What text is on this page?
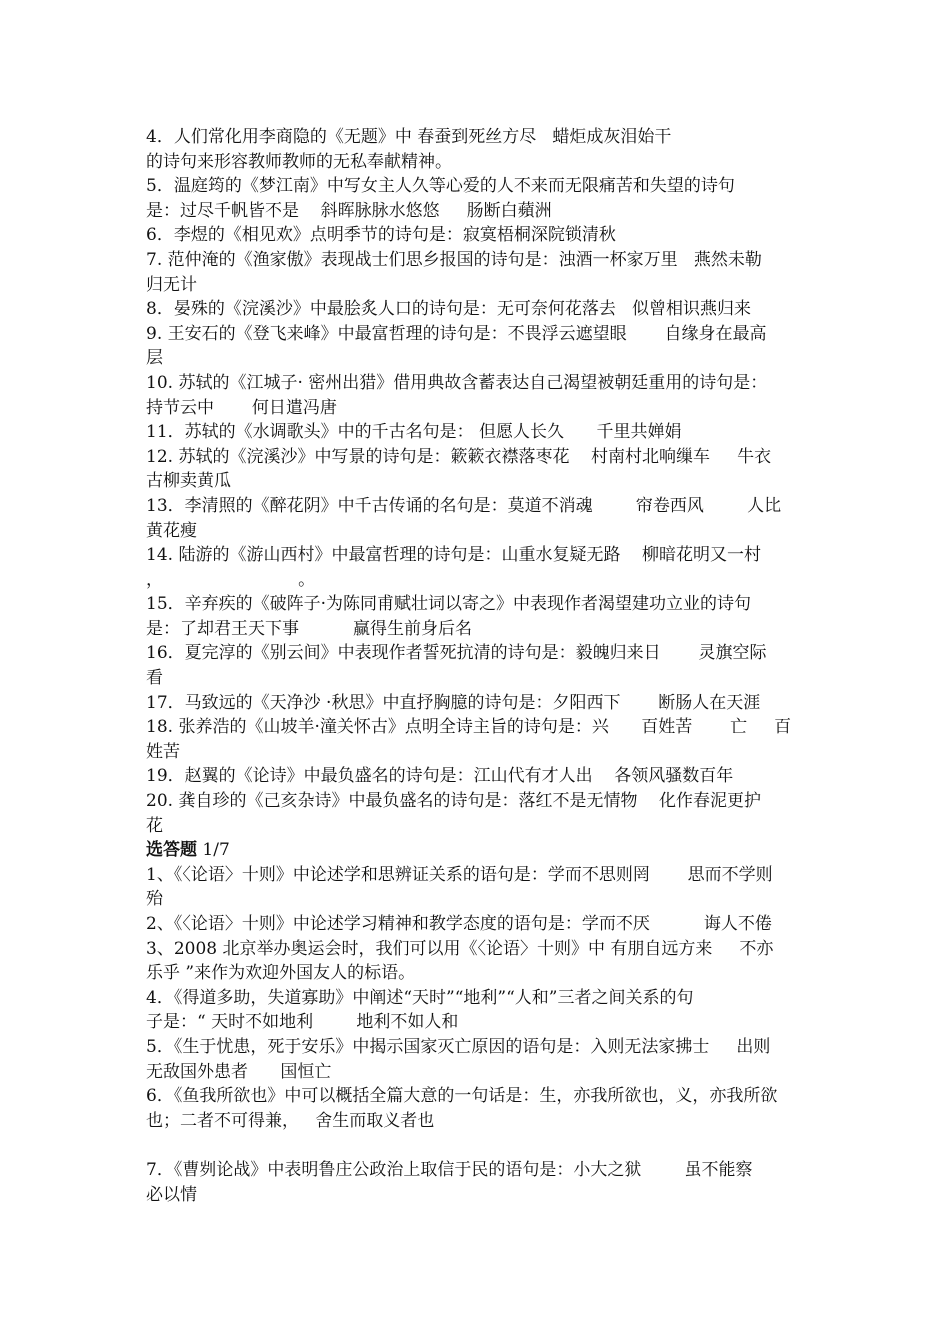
4．人们常化用李商隐的《无题》中 春蚕到死丝方尽   蜡炬成灰泪始干
的诗句来形容教师教师的无私奉献精神。
5．温庭筠的《梦江南》中写女主人久等心爱的人不来而无限痛苦和失望的诗句
是：过尽千帆皆不是    斜晖脉脉水悠悠     肠断白蘋洲
6．李煜的《相见欢》点明季节的诗句是：寂寞梧桐深院锁清秋
7. 范仲淹的《渔家傲》表现战士们思乡报国的诗句是：浊酒一杯家万里   燕然未勒
归无计
8．晏殊的《浣溪沙》中最脍炙人口的诗句是：无可奈何花落去   似曾相识燕归来
9. 王安石的《登飞来峰》中最富哲理的诗句是：不畏浮云遮望眼       自缘身在最高
层
10. 苏轼的《江城子· 密州出猎》借用典故含蓄表达自己渴望被朝廷重用的诗句是：
持节云中       何日遣冯唐
11．苏轼的《水调歌头》中的千古名句是： 但愿人长久      千里共婵娟
12. 苏轼的《浣溪沙》中写景的诗句是：簌簌衣襟落枣花    村南村北响缫车     牛衣
古柳卖黄瓜
13．李清照的《醉花阴》中千古传诵的名句是：莫道不消魂        帘卷西风        人比
黄花瘦
14. 陆游的《游山西村》中最富哲理的诗句是：山重水复疑无路    柳暗花明又一村
，                         。
15．辛弃疾的《破阵子·为陈同甫赋壮词以寄之》中表现作者渴望建功立业的诗句
是：了却君王天下事          赢得生前身后名
16．夏完淳的《别云间》中表现作者誓死抗清的诗句是：毅魄归来日       灵旗空际
看
17．马致远的《天净沙 ·秋思》中直抒胸臆的诗句是：夕阳西下       断肠人在天涯
18. 张养浩的《山坡羊·潼关怀古》点明全诗主旨的诗句是：兴      百姓苦       亡     百
姓苦
19．赵翼的《论诗》中最负盛名的诗句是：江山代有才人出    各领风骚数百年
20. 龚自珍的《己亥杂诗》中最负盛名的诗句是：落红不是无情物    化作春泥更护
花
选答题 1/7
1、《〈论语〉十则》中论述学和思辨证关系的语句是：学而不思则罔       思而不学则
殆
2、《〈论语〉十则》中论述学习精神和教学态度的语句是：学而不厌          诲人不倦
3、2008 北京举办奥运会时，我们可以用《〈论语〉十则》中 有朋自远方来     不亦
乐乎 ”来作为欢迎外国友人的标语。
4．《得道多助，失道寡助》中阐述“天时”“地利”“人和”三者之间关系的句
子是：“ 天时不如地利        地利不如人和
5．《生于忧患，死于安乐》中揭示国家灭亡原因的语句是：入则无法家拂士     出则
无敌国外患者      国恒亡
6．《鱼我所欲也》中可以概括全篇大意的一句话是：生，亦我所欲也，义，亦我所欲
也；二者不可得兼，   舍生而取义者也
7．《曹刿论战》中表明鲁庄公政治上取信于民的语句是：小大之狱        虽不能察
必以情
